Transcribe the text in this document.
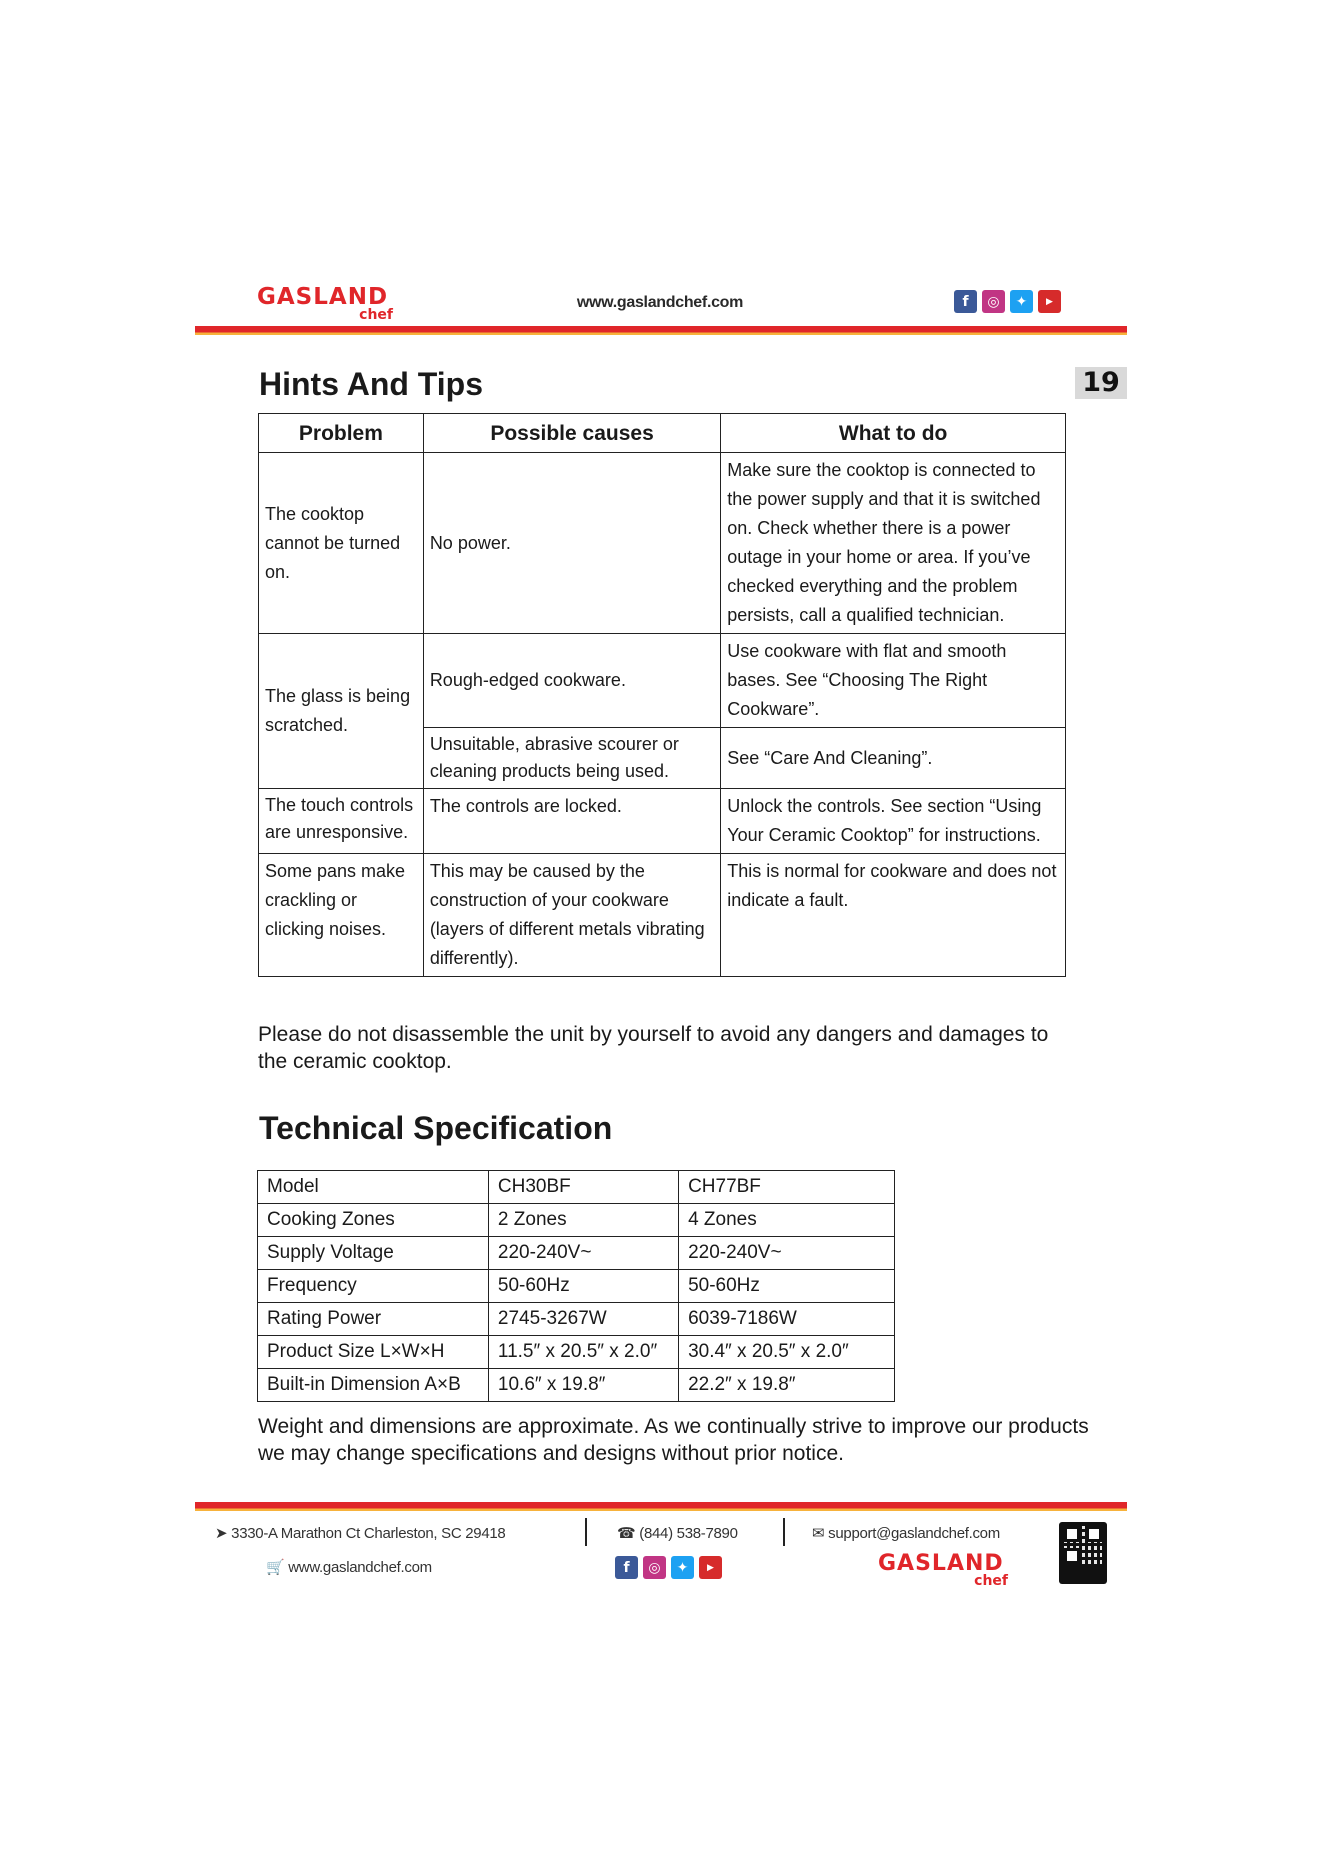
GASLAND
chef
www.gaslandchef.com	f	◎	✦	▶
Hints And Tips	19
Problem	Possible causes	What to do
The cooktop cannot be turned on.	No power.	Make sure the cooktop is connected to the power supply and that it is switched on. Check whether there is a power outage in your home or area. If you’ve checked everything and the problem persists, call a qualified technician.
The glass is being scratched.	Rough-edged cookware.	Use cookware with flat and smooth bases. See “Choosing The Right Cookware”.
	Unsuitable, abrasive scourer or cleaning products being used.	See “Care And Cleaning”.
The touch controls are unresponsive.	The controls are locked.	Unlock the controls. See section “Using Your Ceramic Cooktop” for instructions.
Some pans make crackling or clicking noises.	This may be caused by the construction of your cookware (layers of different metals vibrating differently).	This is normal for cookware and does not indicate a fault.
Please do not disassemble the unit by yourself to avoid any dangers and damages to the ceramic cooktop.
Technical Specification
Model	CH30BF	CH77BF
Cooking Zones	2 Zones	4 Zones
Supply Voltage	220-240V~	220-240V~
Frequency	50-60Hz	50-60Hz
Rating Power	2745-3267W	6039-7186W
Product Size L×W×H	11.5″ x 20.5″ x 2.0″	30.4″ x 20.5″ x 2.0″
Built-in Dimension A×B	10.6″ x 19.8″	22.2″ x 19.8″
Weight and dimensions are approximate. As we continually strive to improve our products we may change specifications and designs without prior notice.
➤ 3330-A Marathon Ct Charleston, SC 29418	☎ (844) 538-7890	✉ support@gaslandchef.com
🛒 www.gaslandchef.com	f	◎	✦	▶	GASLAND
chef
